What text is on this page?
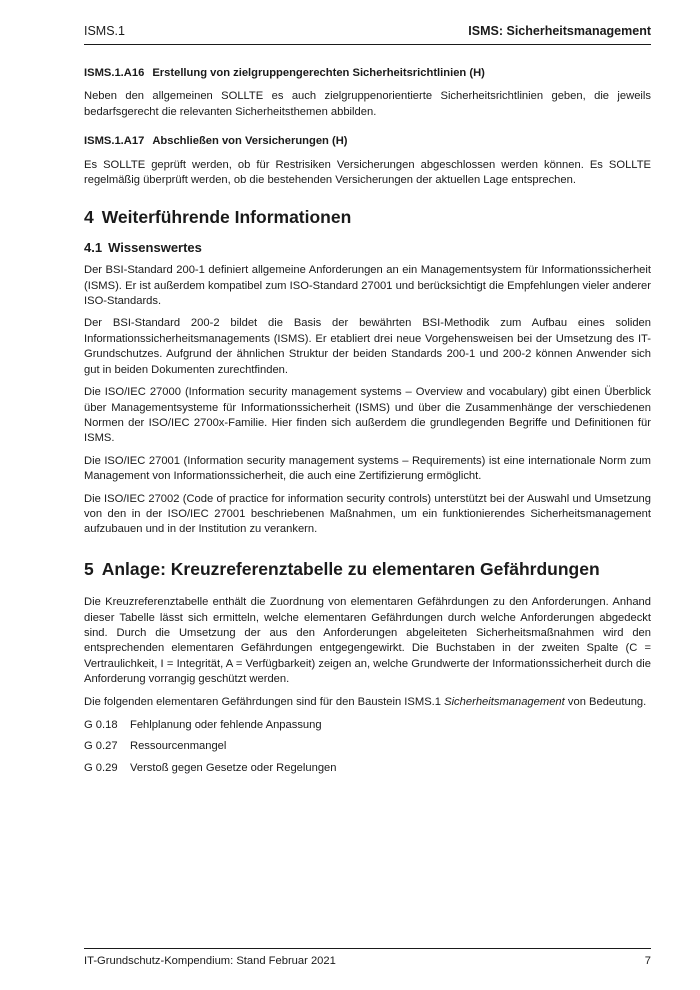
ISMS.1	ISMS: Sicherheitsmanagement
ISMS.1.A16 Erstellung von zielgruppengerechten Sicherheitsrichtlinien (H)

Neben den allgemeinen SOLLTE es auch zielgruppenorientierte Sicherheitsrichtlinien geben, die jeweils bedarfsgerecht die relevanten Sicherheitsthemen abbilden.

ISMS.1.A17 Abschließen von Versicherungen (H)

Es SOLLTE geprüft werden, ob für Restrisiken Versicherungen abgeschlossen werden können. Es SOLLTE regelmäßig überprüft werden, ob die bestehenden Versicherungen der aktuellen Lage entsprechen.

4 Weiterführende Informationen
4.1 Wissenswertes

Der BSI-Standard 200-1 definiert allgemeine Anforderungen an ein Managementsystem für Informationssicherheit (ISMS). Er ist außerdem kompatibel zum ISO-Standard 27001 und berücksichtigt die Empfehlungen vieler anderer ISO-Standards.

Der BSI-Standard 200-2 bildet die Basis der bewährten BSI-Methodik zum Aufbau eines soliden Informationssicherheitsmanagements (ISMS). Er etabliert drei neue Vorgehensweisen bei der Umsetzung des IT-Grundschutzes. Aufgrund der ähnlichen Struktur der beiden Standards 200-1 und 200-2 können Anwender sich gut in beiden Dokumenten zurechtfinden.

Die ISO/IEC 27000 (Information security management systems – Overview and vocabulary) gibt einen Überblick über Managementsysteme für Informationssicherheit (ISMS) und über die Zusammenhänge der verschiedenen Normen der ISO/IEC 2700x-Familie. Hier finden sich außerdem die grundlegenden Begriffe und Definitionen für ISMS.

Die ISO/IEC 27001 (Information security management systems – Requirements) ist eine internationale Norm zum Management von Informationssicherheit, die auch eine Zertifizierung ermöglicht.

Die ISO/IEC 27002 (Code of practice for information security controls) unterstützt bei der Auswahl und Umsetzung von den in der ISO/IEC 27001 beschriebenen Maßnahmen, um ein funktionierendes Sicherheitsmanagement aufzubauen und in der Institution zu verankern.

5 Anlage: Kreuzreferenztabelle zu elementaren Gefährdungen

Die Kreuzreferenztabelle enthält die Zuordnung von elementaren Gefährdungen zu den Anforderungen. Anhand dieser Tabelle lässt sich ermitteln, welche elementaren Gefährdungen durch welche Anforderungen abgedeckt sind. Durch die Umsetzung der aus den Anforderungen abgeleiteten Sicherheitsmaßnahmen wird den entsprechenden elementaren Gefährdungen entgegengewirkt. Die Buchstaben in der zweiten Spalte (C = Vertraulichkeit, I = Integrität, A = Verfügbarkeit) zeigen an, welche Grundwerte der Informationssicherheit durch die Anforderung vorrangig geschützt werden.

Die folgenden elementaren Gefährdungen sind für den Baustein ISMS.1 Sicherheitsmanagement von Bedeutung.

G 0.18	Fehlplanung oder fehlende Anpassung
G 0.27	Ressourcenmangel
G 0.29	Verstoß gegen Gesetze oder Regelungen
IT-Grundschutz-Kompendium: Stand Februar 2021	7
